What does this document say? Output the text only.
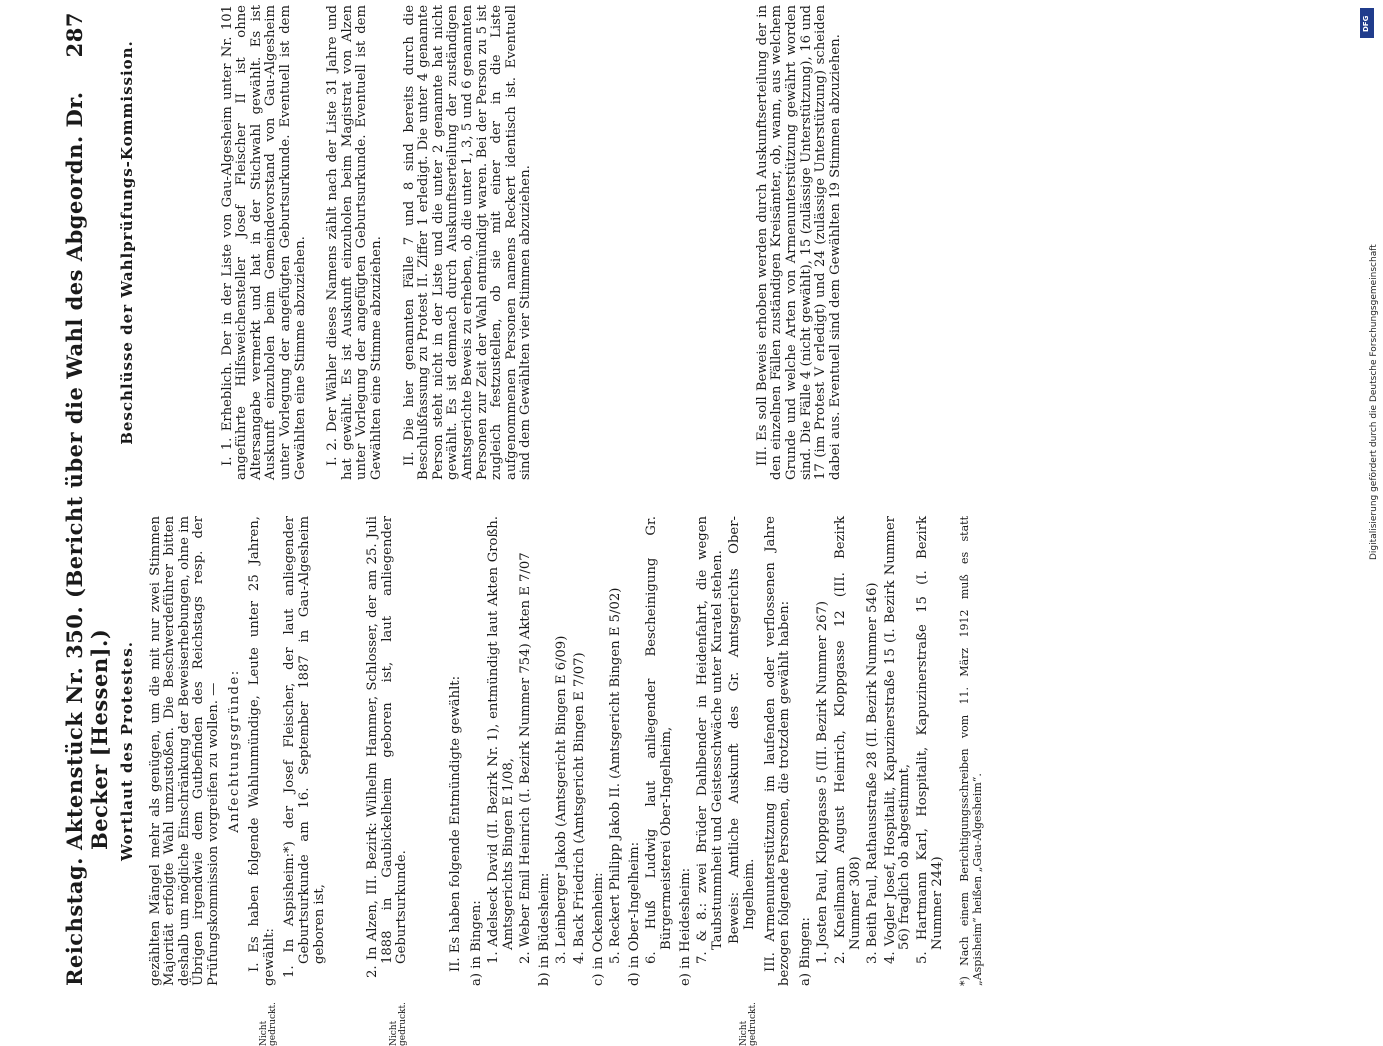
Reichstag.
Aktenstück Nr. 350. (Bericht über die Wahl des Abgeordn. Dr. Becker [Hessen].)
287
Wortlaut des Protestes. gezählten Mängel mehr als genügen, um die mit nur zwei Stimmen Majorität erfolgte Wahl umzustoßen. Die Beschwerdeführer bitten deshalb um mögliche Einschränkung der Beweiserhebungen, ohne im Übrigen irgendwie dem Gutbefinden des Reichstags resp. der Prüfungskommission vorgreifen zu wollen. — Anfechtungsgründe: I. Es haben folgende Wahlunmündige, Leute unter 25 Jahren, gewählt: 1. In Aspisheim:*) der Josef Fleischer, der laut anliegender Geburtsurkunde am 16. September 1887 in Gau-Algesheim geboren ist,	2. In Alzen, III. Bezirk: Wilhelm Hammer, Schlosser, der am 25. Juli 1888 in Gaubickelheim geboren ist, laut anliegender Geburtsurkunde.	II. Es haben folgende Entmündigte gewählt: a) in Bingen: 1. Adelseck David (II. Bezirk Nr. 1), entmündigt laut Akten Großh. Amtsgerichts Bingen E 1/08, 2. Weber Emil Heinrich (I. Bezirk Nummer 754) Akten E 7/07 b) in Büdesheim: 3. Leinberger Jakob (Amtsgericht Bingen E 6/09) 4. Back Friedrich (Amtsgericht Bingen E 7/07) c) in Ockenheim: 5. Reckert Philipp Jakob II. (Amtsgericht Bingen E 5/02) d) in Ober-Ingelheim: 6. Huß Ludwig laut anliegender Bescheinigung Gr. Bürgermeisterei Ober-Ingelheim, e) in Heidesheim: 7. & 8.: zwei Brüder Dahlbender in Heidenfahrt, die wegen Taubstummheit und Geistesschwäche unter Kuratel stehen. Beweis: Amtliche Auskunft des Gr. Amtsgerichts Ober-Ingelheim. III. Armenunterstützung im laufenden oder verflossenen Jahre bezogen folgende Personen, die trotzdem gewählt haben: a) Bingen: 1. Josten Paul, Kloppgasse 5 (III. Bezirk Nummer 267) 2. Kneilmann August Heinrich, Kloppgasse 12 (III. Bezirk Nummer 308) 3. Beith Paul, Rathausstraße 28 (II. Bezirk Nummer 546) 4. Vogler Josef, Hospitalit, Kapuzinerstraße 15 (I. Bezirk Nummer 56) fraglich ob abgestimmt, 5. Hartmann Karl, Hospitalit, Kapuzinerstraße 15 (I. Bezirk Nummer 244) *) Nach einem Berichtigungsschreiben vom 11. März 1912 muß es statt „Aspisheim“ heißen „Gau-Algesheim“.
Nicht gedruckt.	Nicht gedruckt.	Nicht gedruckt.
Beschlüsse der Wahlprüfungs-Kommission.	I. 1. Erheblich. Der in der Liste von Gau-Algesheim unter Nr. 101 angeführte Hilfsweichensteller Josef Fleischer II ist ohne Altersangabe vermerkt und hat in der Stichwahl gewählt. Es ist Auskunft einzuholen beim Gemeindevorstand von Gau-Algesheim unter Vorlegung der angefügten Geburtsurkunde. Eventuell ist dem Gewählten eine Stimme abzuziehen. I. 2. Der Wähler dieses Namens zählt nach der Liste 31 Jahre und hat gewählt. Es ist Auskunft einzuholen beim Magistrat von Alzen unter Vorlegung der angefügten Geburtsurkunde. Eventuell ist dem Gewählten eine Stimme abzuziehen. II. Die hier genannten Fälle 7 und 8 sind bereits durch die Beschlußfassung zu Protest II. Ziffer 1 erledigt. Die unter 4 genannte Person steht nicht in der Liste und die unter 2 genannte hat nicht gewählt. Es ist demnach durch Auskunftserteilung der zuständigen Amtsgerichte Beweis zu erheben, ob die unter 1, 3, 5 und 6 genannten Personen zur Zeit der Wahl entmündigt waren. Bei der Person zu 5 ist zugleich festzustellen, ob sie mit einer der in die Liste aufgenommenen Personen namens Reckert identisch ist. Eventuell sind dem Gewählten vier Stimmen abzuziehen.	III. Es soll Beweis erhoben werden durch Auskunftserteilung der in den einzelnen Fällen zuständigen Kreisämter, ob, wann, aus welchem Grunde und welche Arten von Armenunterstützung gewährt worden sind. Die Fälle 4 (nicht gewählt), 15 (zulässige Unterstützung), 16 und 17 (im Protest V erledigt) und 24 (zulässige Unterstützung) scheiden dabei aus. Eventuell sind dem Gewählten 19 Stimmen abzuziehen.

DFG
Digitalisierung gefördert durch die Deutsche Forschungsgemeinschaft
